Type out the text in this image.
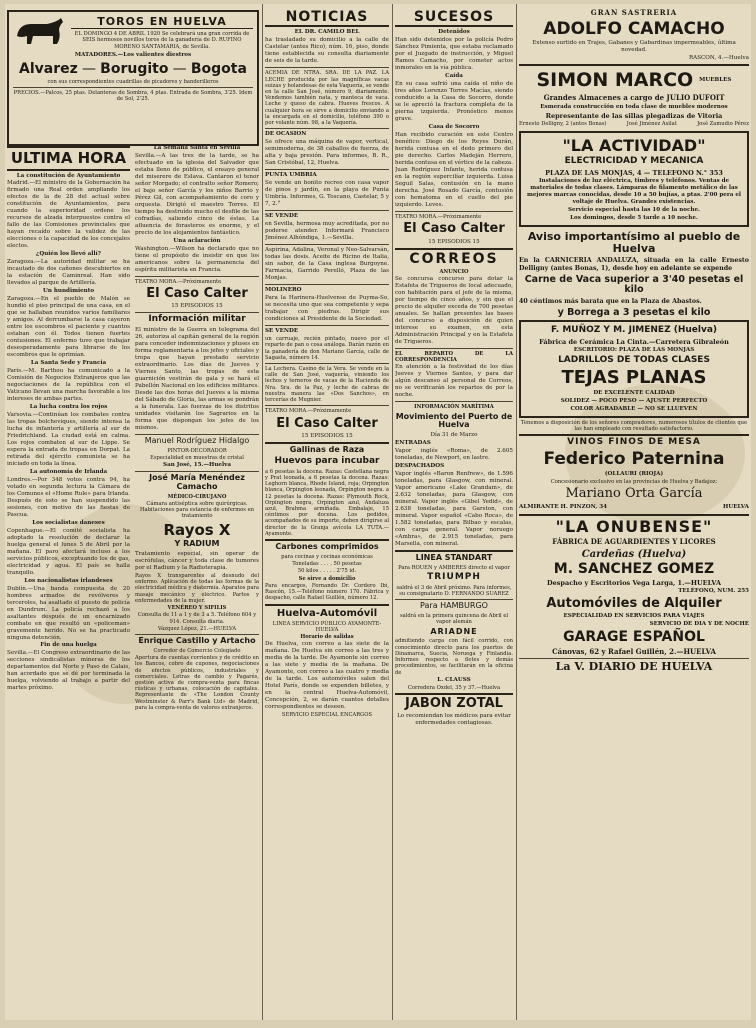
TOROS EN HUELVA
EL DOMINGO 4 DE ABRIL 1920 Se celebrará una gran corrida de SEIS hermosos novillos toros de la ganadería de D. RUFINO MORENO SANTAMARIA, de Sevilla.
MATADORES.—Los valientes diestros
Alvarez — Borugito — Bogota
con sus correspondientes cuadrillas de picadores y banderilleros
PRECIOS.—Palcos, 25 ptas. Delanteras de Sombra, 4 ptas. Entrada de Sombra, 3'25. Idem de Sol, 2'25.
ULTIMA HORA
La constitución de Ayuntamiento
Madrid.—El ministro de la Gobernación ha firmado una Real orden ampliando los efectos de la de 28 del actual sobre constitución de Ayuntamientos, para cuando la superioridad ordene los recursos de alzada interpuestos contra el fallo de las Comisiones provinciales que hayan recaído sobre la validez de las elecciones o la capacidad de los concejales electos.
¿Quién los llevó allí?
Zaragoza.—La autoridad militar se ha incautado de dos cañones descubiertos en la estación de Caminreal. Han sido llevados al parque de Artillería.
Un hundimiento
Zaragoza.—En el pueblo de Malón se hundió el piso principal de una casa, en el que se hallaban reunidos varios familiares y amigos. Al derrumbarse la casa cayeron entre los escombros el paciente y cuantos estaban con él. Todos tienen fuertes contusiones. El enfermo tuvo que trabajar desesperadamente para librarse de los escombros que le oprimían.
La Santa Sede y Francia
París.—M. Barthou ha comunicado a la Comisión de Negocios Extranjeros que las negociaciones de la república con el Vaticano llevan una marcha favorable a los intereses de ambas partes.
La lucha contra los rojos
Varsovia.—Continúan los combates contra las tropas bolcheviques, siendo intensa la lucha de infantería y artillería al sur de Friedrichland. La ciudad está en calma. Los rojos combaten al sur de Lippe. Se espera la entrada de tropas en Dorpat. La retirada del ejército comunista se ha iniciado en toda la línea.
La autonomía de Irlanda
Londres.—Por 348 votos contra 94, ha votado en segunda lectura la Cámara de los Comunes el «Home Rule» para Irlanda. Después de esto se han suspendido las sesiones, con motivo de las fiestas de Pascua.
Los socialistas daneses
Copenhague.—El comité socialista ha adoptado la resolución de declarar la huelga general el lunes 5 de Abril por la mañana. El paro afectará incluso a los servicios públicos, exceptuando los de gas, electricidad y agua. El país se halla tranquilo.
Los nacionalistas irlandeses
Dublín.—Una banda compuesta de 20 hombres armados de revólveres y terceroles, ha asaltado el puesto de policía en Dundrum. La policía rechazó a los asaltantes después de un encarnizado combate en que resultó un «policeman» gravemente herido. No se ha practicado ninguna detención.
Fin de una huelga
Sevilla.—El Congreso extraordinario de las secciones sindicalistas mineras de los departamentos del Norte y Paso de Calais, han acordado que se dé por terminada la huelga, volviendo al trabajo a partir del martes próximo.
La Semana Santa en Sevilla
Sevilla.—A las tres de la tarde, se ha efectuado en la iglesia del Salvador que estaba lleno de público, el ensayo general del miserere de Eslava. Cantaron el tenor señor Morgado; el contralto señor Romero; el bajo señor García y los niños Barrio y Pérez Gil, con acompañamiento de coro y orquesta. Dirigió el maestro Torres. El tiempo ha destruído mucho el desfile de las cofradías, saliendo cinco de éstas. La afluencia de forasteros es enorme, y el precio de los alojamientos fantástico.
Una aclaración
Washington.—Wilson ha declarado que no tiene el propósito de insistir en que los americanos sobre la permanencia del espíritu militarista en Francia.
TEATRO MORA.—Próximamente
El Caso Calter
15 EPISODIOS 15
Información militar
El ministro de la Guerra en telegrama del 26, autoriza al capitán general de la región para conceder indemnizaciones y pluses en forma reglamentaria a los jefes y oficiales y tropa que hayan prestado servicio extraordinario. Los días de Jueves y Viernes Santo, las tropas de esta guarnición vestirán de gala y se hará el Pabellón Nacional en los edificios militares. Desde las dos horas del Jueves a la misma del Sábado de Gloria, las armas se pondrán a la funerala. Las fuerzas de los distritos unidades visitarán los Sagrarios en la forma que dispongan los jefes de los mismos.
Manuel Rodríguez Hidalgo
PINTOR-DECORADOR
Especialidad en muestras de cristal
San José, 15.—Huelva
José María Menéndez Camacho
MÉDICO-CIRUJANO
Cámara antiséptica sobre quirúrgicas. Habitaciones para estancia de enfermos en tratamiento
Rayos X
Y RADIUM
Tratamiento especial, sin operar de escrófulas, cáncer y toda clase de tumores por el Radium y la Radioterapia.
Rayos X transparentes al desnudo del enfermo. Aplicación de todas las formas de la electricidad médica y diatermia. Aparatos para masaje mecánico y eléctrico. Partos y enfermedades de la mujer.
VENÉREO Y SIFILIS
Consulta de 11 a 1 y de 3 a 5. Teléfono 604 y 914. Consulta diaria.
Vázquez López, 21.—HUELVA
Enrique Castillo y Artacho
Corredor de Comercio Colegiado
Apertura de cuentas corrientes y de crédito en los Bancos, cobro de cupones, negociaciones de efectos públicos, industriales y comerciales. Letras de cambio y Pagarés, gestión activa de compra-venta para fincas rústicas y urbanas, colocación de capitales. Representante de «The London County Westminster & Parr's Bank Ltd» de Madrid, para la compra-venta de valores extranjeros.
NOTICIAS
EL DR. CAMILO BEL
ha trasladado su domicilio a la calle de Castelar (antes Rico), núm. 16, piso, donde tiene establecida su consulta diariamente de seis de la tarde.
ACEMIA DE NTRA. SRA. DE LA PAZ. LA LECHE producida por las magníficas vacas suizas y holandesas de esta Vaquería, se vende en la calle San José, número 9, diariamente. Vendemos también nata, y manteca de vaca. Leche y queso de cabra. Hueves frescos. A cualquier hora se sirve a domicilio enviando a la encargada en el domicilio, teléfono 390 o por volante núm. 98, a la Vaquería.
DE OCASION
Se ofrece una máquina de vapor, vertical, semimoderna, de 38 caballos de fuerza, de alta y baja presión. Para informes, B. R., San Cristóbal, 12, Huelva.
PUNTA UMBRIA
Se vende un bonito recreo con casa vapor de pinos y jardín, en la playa de Punta Umbría. Informes, G. Toscano, Castelar, 5 y 7, 2.°
SE VENDE
en Sevilla, hermosa muy acreditada, por no poderse atender. Informará Francisco Jiménez Alhóndiga, 1.—Sevilla.
Aspirina, Adalina, Veronal y Neo-Salvarsán, todas las dosis. Aceite de Ricino de Italia, sin sabor, de la Casa inglesa Burgoyne. Farmacia, Garrido Perelló, Plaza de las Monjas.
MOLINERO
Para la Harinera-Huelvense de Puyma-So, se necesita uno que sea competente y sepa trabajar con piedras. Dirigir sus condiciones al Presidente de la Sociedad.
SE VENDE
un carruaje, recién pintado, nuevo por el reparto de pan o cosa análoga. Darán razón en la panadería de don Mariano García, calle de Sagasta, número 14.
La Lechera. Casino de la Vera. Se vende en la calle de San José, vaquería, viniendo los lechos y terneros de vacas de la Hacienda de Nra. Sra. de la Paz, y leche de cabras de nuestra manera las «Dos Sanchos», en tercerías de Mugnier.
TEATRO MORA.—Próximamente
El Caso Calter
15 EPISODIOS 15
Gallinas de Raza
Huevos para incubar
a 6 pesetas la docena. Razas: Castellana negra y Prat leonada, a 6 pesetas la docena. Razas: Leghorn blanca, Rhode Island, roja; Orpington blanca, Orpington leonada, Orpington negra. a 12 pesetas la docena. Razas: Plymouth Rock, Orpington negra, Orpington azul, Andaluza azul, Brahma armiñada. Embalaje, 15 céntimos por docena. Los pedidos, acompañados de su importe, deben dirigirse al director de la Granja avícola LA TUTA.—Ayamonte.
Carbones comprimidos
para cocinas y cocinas económicas
Toneladas . . . . 50 pesetas
50 kilos . . . . . 2'75 id.
Se sirve a domicilio
Para encargos, Fernando Dr. Cordero Ibi, Rascón, 15.—Teléfono número 170. Fábrica y despacho, calle Rafael Guillén, número 12.
Huelva-Automóvil
LINEA SERVICIO PÚBLICO AYAMONTE-HUELVA
Horario de salidas
De Huelva, con correo a las siete de la mañana. De Huelva sin correo a las tres y media de la tarde. De Ayamonte sin correo a las siete y media de la mañana. De Ayamonte, con correo a las cuatro y media de la tarde. Los automóviles salen del Hotel París, donde se expenden billetes, y en la central Huelva-Automóvil, Concepción, 2, se darán cuantos detalles correspondientes se deseen.
SERVICIO ESPECIAL ENCARGOS
SUCESOS
Detenidos
Han sido detenidos por la policía Pedro Sánchez Pimienta, que estaba reclamado por el Juzgado de instrucción, y Miguel Ramos Camacho, por cometer actos inmorales en la vía pública.
Caída
En su casa sufrió una caída el niño de tres años Lorenzo Torres Macías, siendo conducido a la Casa de Socorro, donde se le apreció la fractura completa de la pierna izquierda. Pronóstico menos grave.
Casa de Socorro
Han recibido curación en este Centro benéfico: Diego de los Reyes Durán, herida contusa en el dedo primero del pie derecho. Carlos Madeján Herrero, herida contusa en el vértice de la cabeza. Juan Rodríguez Infante, herida contusa en la región superciliar izquierda. Luisa Seguil Salas, contusión en la mano derecha. José Rosado García, contusión con hematoma en el cuello del pie izquierdo. Leves.
TEATRO MORA.—Próximamente
El Caso Calter
15 EPISODIOS 15
CORREOS
ANUNCIO
Se concursa concurso para dotar la Estafeta de Trigueros de local adecuado, con habitación para el jefe de la misma, por tiempo de cinco años, y sin que el precio de alquiler exceda de 700 pesetas anuales. Se hallan presentes las bases del concurso a disposición de quien interese su examen, en esta Administración Principal y en la Estafeta de Trigueros.
EL REPARTO DE LA CORRESPONDENCIA
En atención a la festividad de los días Jueves y Viernes Santos, y para dar algún descanso al personal de Correos, no se verificarán los repartos de por la noche.
INFORMACIÓN MARÍTIMA
Movimiento del Puerto de Huelva
Día 31 de Marzo
ENTRADAS
Vapor inglés «Roma», de 2.605 toneladas, de Newport, en lastre.
DESPACHADOS
Vapor inglés «Baron Renfrew», de 1.596 toneladas, para Glasgow, con mineral. Vapor americano «Lake Grandam», de 2.632 toneladas, para Glasgow, con mineral. Vapor inglés «Gibel Yedid», de 2.638 toneladas, para Garston, con mineral. Vapor español «Cabo Roca», de 1.582 toneladas, para Bilbao y escalas, con carga general. Vapor noruego «Ambra», de 2.915 toneladas, para Marsella, con mineral.
LINEA STANDART
Para ROUEN y AMBERES directo el vapor
TRIUMPH
saldrá el 3 de Abril próximo. Para informes, su consignatario D. FERNANDO SUAREZ
Para HAMBURGO
saldrá en la primera quincena de Abril el vapor alemán
ARIADNE
admitiendo carga con fácil corrido, con conocimiento directo para los puertos de Dinamarca, Suecia, Noruega y Finlandia. Informes respecto a fletes y demás procedimientos, se facilitarán en la oficina de
L. CLAUSS
Corredera Oxdel, 35 y 37.—Huelva
JABON ZOTAL
Lo recomiendan los médicos para evitar enfermedades contagiosas.
GRAN SASTRERIA
ADOLFO CAMACHO
Extenso surtido en Trajes, Gabanes y Gabardinas impermeables, última novedad.
RASCON, 4.—Huelva
SIMON MARCO MUEBLES
Grandes Almacenes a cargo de JULIO DUFOIT
Esmerada construcción en toda clase de muebles modernos
Representante de las sillas plegadizas de Vitoria
Ernesto Delligny, 2 (antes Bonas)	José Jiménez Asilat	José Zamudio Pérez
"LA ACTIVIDAD"
ELECTRICIDAD Y MECANICA
PLAZA DE LAS MONJAS, 4 — TELEFONO N.° 353
Instalaciones de luz eléctrica, timbres y teléfonos. Ventas de materiales de todas clases. Lámparas de filamento metálico de las mejores marcas conocidas, desde 10 a 50 bujías, a ptas. 2'00 pera el voltaje de Huelva. Grandes existencias.
Servicio especial hasta las 10 de la noche.
Los domingos, desde 5 tarde a 10 noche.
Aviso importantísimo al pueblo de Huelva
En la CARNICERIA ANDALUZA, situada en la calle Ernesto Delligny (antes Bonas, 1), desde hoy en adelante se expende
Carne de Vaca superior a 3'40 pesetas el kilo
40 céntimos más barata que en la Plaza de Abastos.
y Borrega a 3 pesetas el kilo
F. MUÑOZ Y M. JIMENEZ (Huelva)
Fábrica de Cerámica La Cinta.—Carretera Gibraleón
ESCRITORIO: PLAZA DE LAS MONJAS
LADRILLOS DE TODAS CLASES
TEJAS PLANAS
DE EXCELENTE CALIDAD
SOLIDEZ — POCO PESO — AJUSTE PERFECTO
COLOR AGRADABLE — NO SE LLUEVEN
Tenemos a disposición de los señores compradores, numerosos títulos de clientes que las han empleado con resultado satisfactorio.
VINOS FINOS DE MESA
Federico Paternina
(OLLAURI (RIOJA)
Concesionario exclusivo en las provincias de Huelva y Badajoz:
Mariano Orta García
ALMIRANTE H. PINZON, 34	HUELVA
"LA ONUBENSE"
FÁBRICA DE AGUARDIENTES Y LICORES
Cardeñas (Huelva)
M. SANCHEZ GOMEZ
Despacho y Escritorios Vega Larga, 1.—HUELVA
TELÉFONO, NUM. 255
Automóviles de Alquiler
ESPECIALIDAD EN SERVICIOS PARA VIAJES
SERVICIO DE DIA Y DE NOCHE
GARAGE ESPAÑOL
Cánovas, 62 y Rafael Guillén, 2.—HUELVA
La V. DIARIO DE HUELVA
